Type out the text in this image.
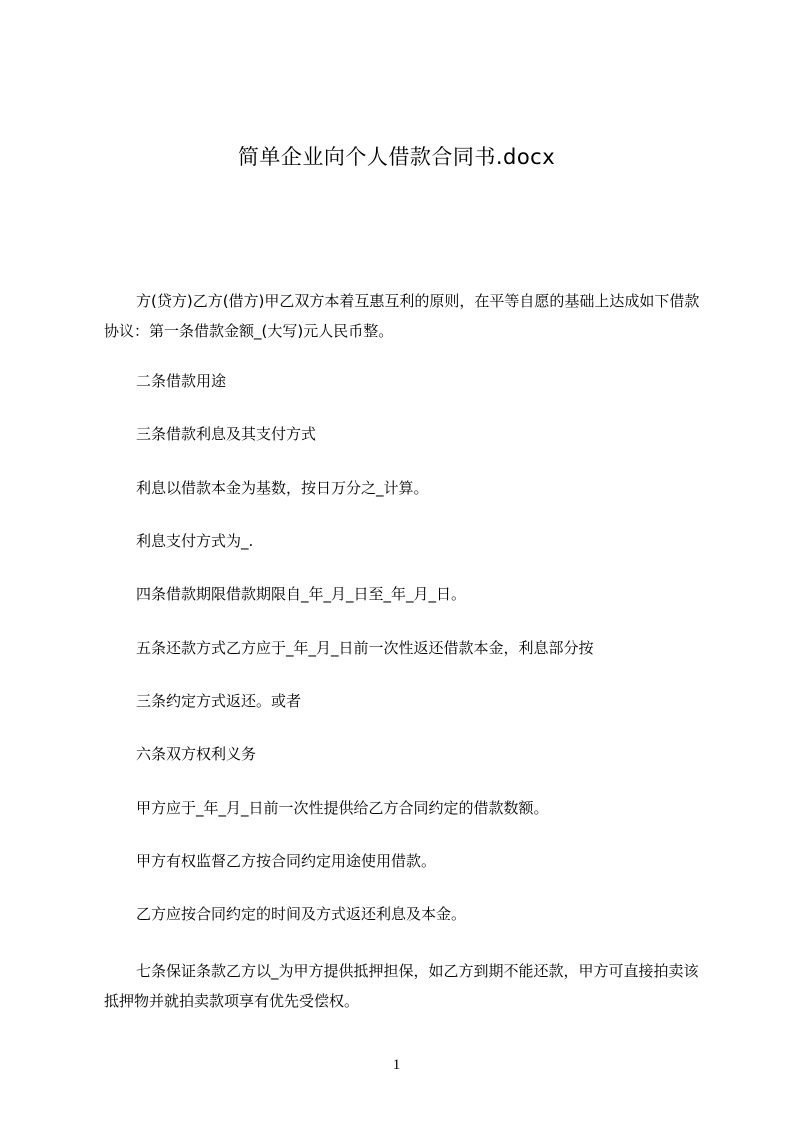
简单企业向个人借款合同书.docx

方(贷方)乙方(借方)甲乙双方本着互惠互利的原则，在平等自愿的基础上达成如下借款协议：第一条借款金额_(大写)元人民币整。

二条借款用途

三条借款利息及其支付方式

利息以借款本金为基数，按日万分之_计算。

利息支付方式为_.

四条借款期限借款期限自_年_月_日至_年_月_日。

五条还款方式乙方应于_年_月_日前一次性返还借款本金，利息部分按

三条约定方式返还。或者

六条双方权利义务

甲方应于_年_月_日前一次性提供给乙方合同约定的借款数额。

甲方有权监督乙方按合同约定用途使用借款。

乙方应按合同约定的时间及方式返还利息及本金。

七条保证条款乙方以_为甲方提供抵押担保，如乙方到期不能还款，甲方可直接拍卖该抵押物并就拍卖款项享有优先受偿权。

1
